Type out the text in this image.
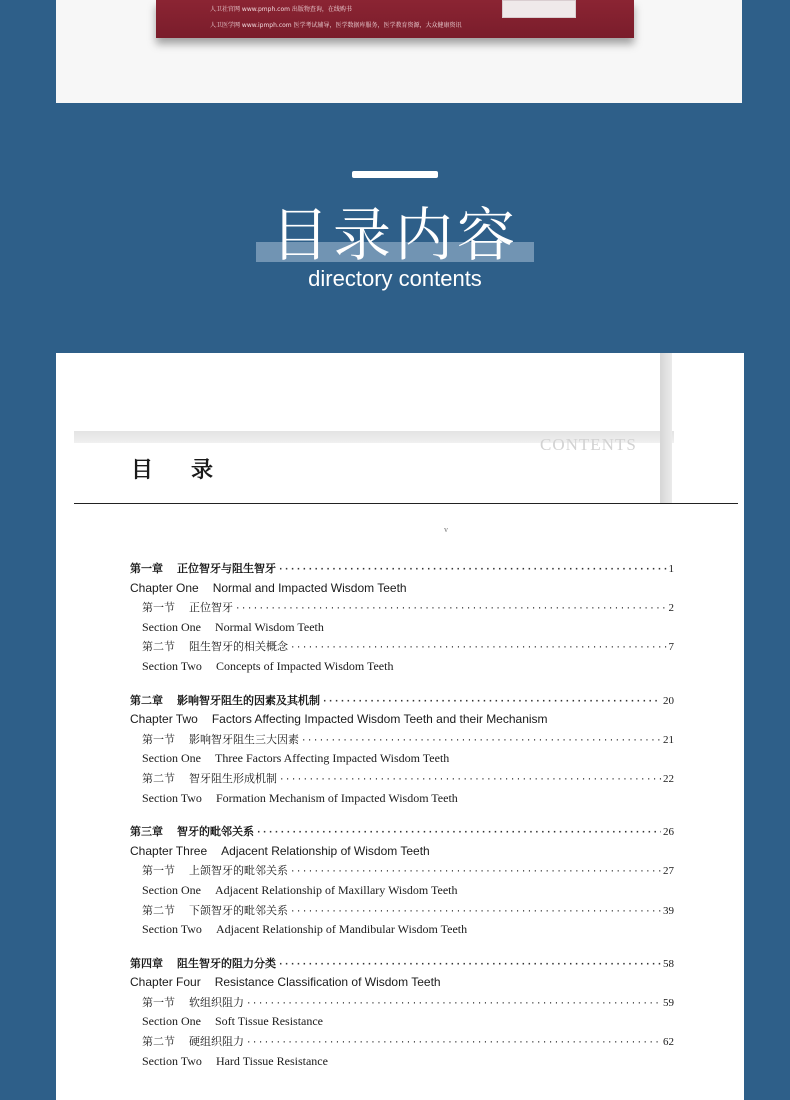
人卫社官网 www.pmph.com 出版物查询，在线购书
人卫医学网 www.ipmph.com 医学考试辅导，医学数据库服务，医学教育资源，大众健康资讯
目录内容
directory contents
CONTENTS
目录
v
第一章 正位智牙与阻生智牙 ·····	1
Chapter One Normal and Impacted Wisdom Teeth
第一节 正位智牙 ·····	2
Section One Normal Wisdom Teeth
第二节 阻生智牙的相关概念 ·····	7
Section Two Concepts of Impacted Wisdom Teeth
第二章 影响智牙阻生的因素及其机制 ·····	20
Chapter Two Factors Affecting Impacted Wisdom Teeth and their Mechanism
第一节 影响智牙阻生三大因素 ·····	21
Section One Three Factors Affecting Impacted Wisdom Teeth
第二节 智牙阻生形成机制 ·····	22
Section Two Formation Mechanism of Impacted Wisdom Teeth
第三章 智牙的毗邻关系 ·····	26
Chapter Three Adjacent Relationship of Wisdom Teeth
第一节 上颌智牙的毗邻关系 ·····	27
Section One Adjacent Relationship of Maxillary Wisdom Teeth
第二节 下颌智牙的毗邻关系 ·····	39
Section Two Adjacent Relationship of Mandibular Wisdom Teeth
第四章 阻生智牙的阻力分类 ·····	58
Chapter Four Resistance Classification of Wisdom Teeth
第一节 软组织阻力 ·····	59
Section One Soft Tissue Resistance
第二节 硬组织阻力 ·····	62
Section Two Hard Tissue Resistance
